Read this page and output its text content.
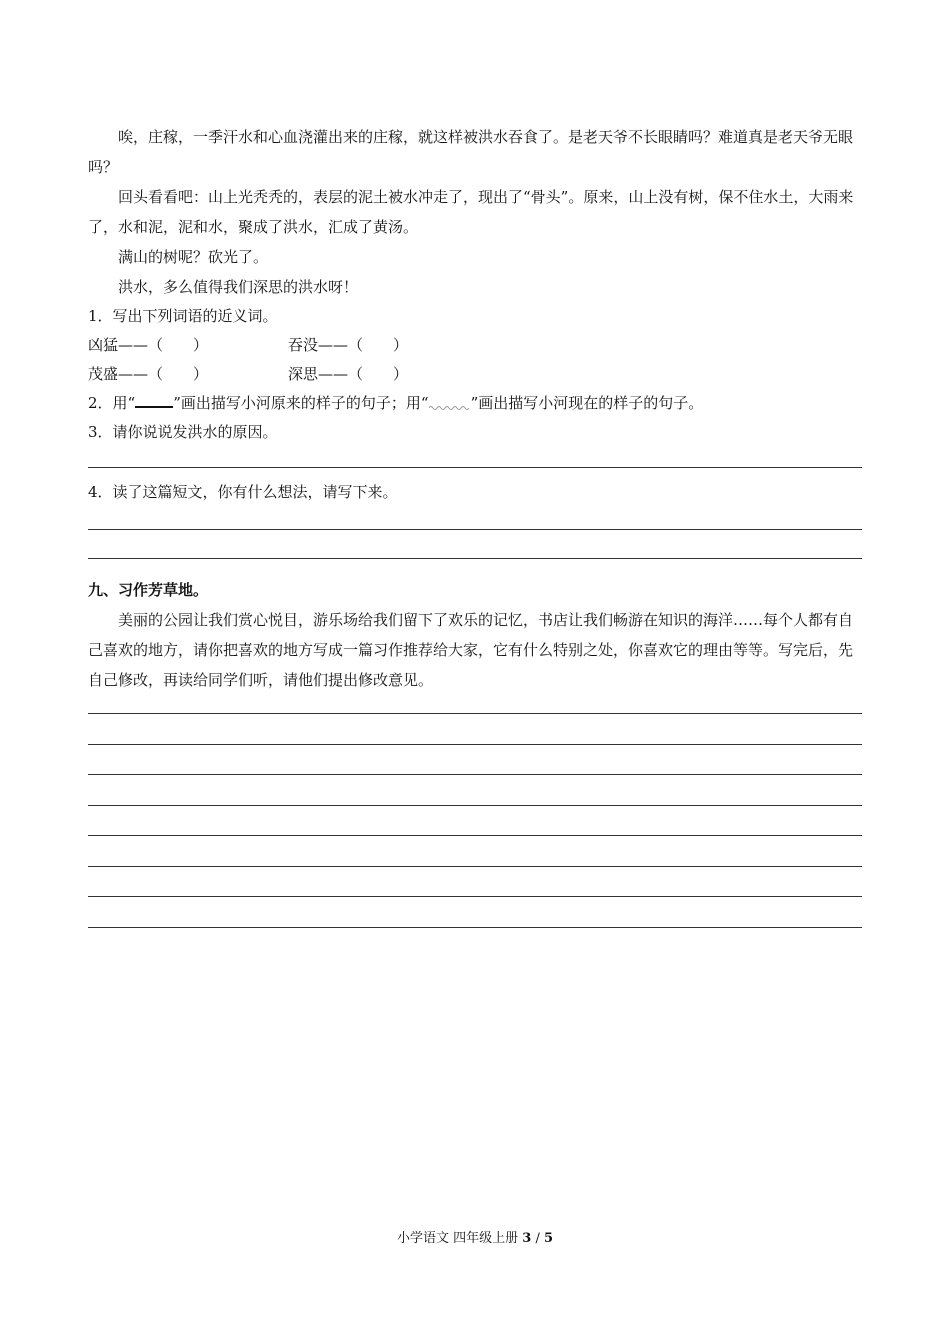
唉，庄稼，一季汗水和心血浇灌出来的庄稼，就这样被洪水吞食了。是老天爷不长眼睛吗？难道真是老天爷无眼吗？

回头看看吧：山上光秃秃的，表层的泥土被水冲走了，现出了“骨头”。原来，山上没有树，保不住水土，大雨来了，水和泥，泥和水，聚成了洪水，汇成了黄汤。

满山的树呢？砍光了。

洪水，多么值得我们深思的洪水呀！

1．写出下列词语的近义词。
凶猛——（　　）	吞没——（　　）
茂盛——（　　）	深思——（　　）
2．用“	”画出描写小河原来的样子的句子；用“	”画出描写小河现在的样子的句子。
3．请你说说发洪水的原因。
4．读了这篇短文，你有什么想法，请写下来。

九、习作芳草地。

美丽的公园让我们赏心悦目，游乐场给我们留下了欢乐的记忆，书店让我们畅游在知识的海洋……每个人都有自己喜欢的地方，请你把喜欢的地方写成一篇习作推荐给大家，它有什么特别之处，你喜欢它的理由等等。写完后，先自己修改，再读给同学们听，请他们提出修改意见。

小学语文 四年级上册 3 / 5
